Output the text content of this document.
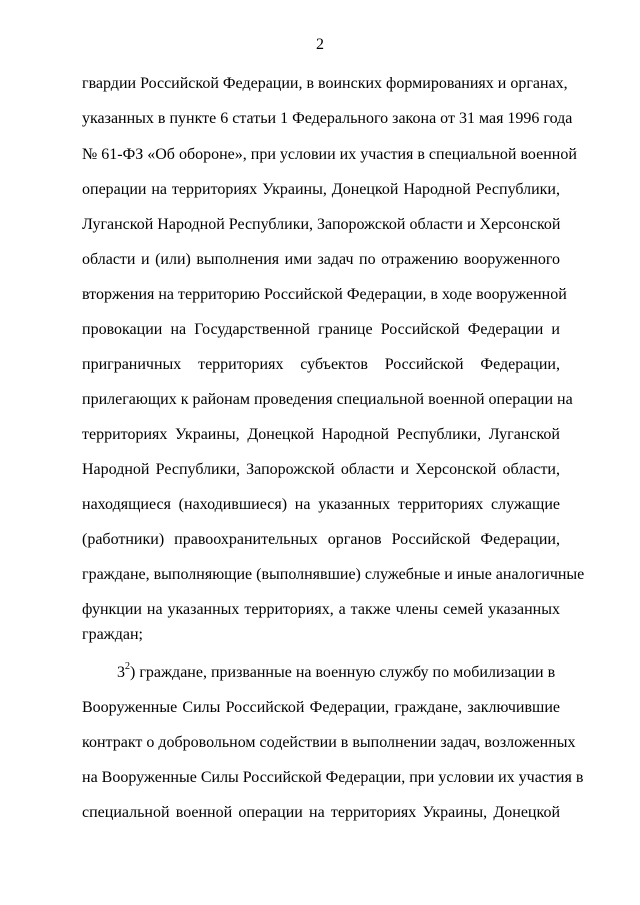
2
гвардии Российской Федерации, в воинских формированиях и органах,
указанных в пункте 6 статьи 1 Федерального закона от 31 мая 1996 года
№ 61-ФЗ «Об обороне», при условии их участия в специальной военной
операции на территориях Украины, Донецкой Народной Республики,
Луганской Народной Республики, Запорожской области и Херсонской
области и (или) выполнения ими задач по отражению вооруженного
вторжения на территорию Российской Федерации, в ходе вооруженной
провокации на Государственной границе Российской Федерации и
приграничных территориях субъектов Российской Федерации,
прилегающих к районам проведения специальной военной операции на
территориях Украины, Донецкой Народной Республики, Луганской
Народной Республики, Запорожской области и Херсонской области,
находящиеся (находившиеся) на указанных территориях служащие
(работники) правоохранительных органов Российской Федерации,
граждане, выполняющие (выполнявшие) служебные и иные аналогичные
функции на указанных территориях, а также члены семей указанных
граждан;
$3^2$) граждане, призванные на военную службу по мобилизации в
Вооруженные Силы Российской Федерации, граждане, заключившие
контракт о добровольном содействии в выполнении задач, возложенных
на Вооруженные Силы Российской Федерации, при условии их участия в
специальной военной операции на территориях Украины, Донецкой
